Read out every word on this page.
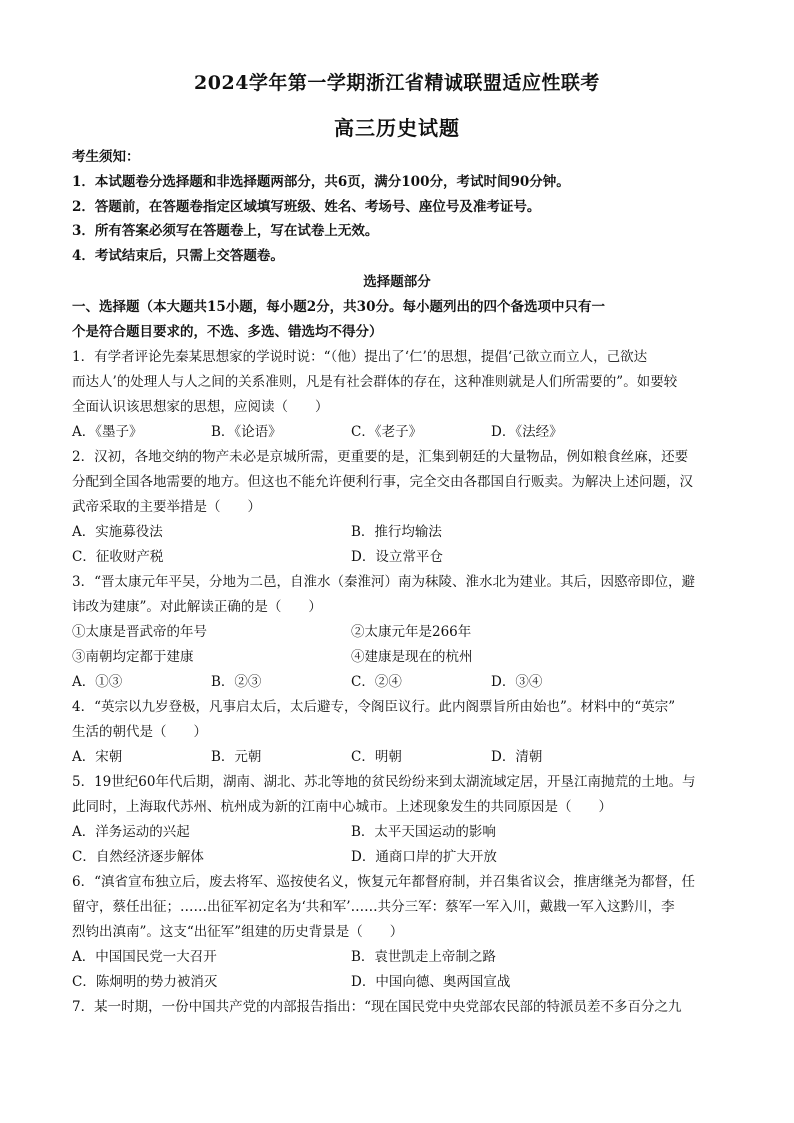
2024学年第一学期浙江省精诚联盟适应性联考
高三历史试题
考生须知：
1．本试题卷分选择题和非选择题两部分，共6页，满分100分，考试时间90分钟。
2．答题前，在答题卷指定区域填写班级、姓名、考场号、座位号及准考证号。
3．所有答案必须写在答题卷上，写在试卷上无效。
4．考试结束后，只需上交答题卷。
选择题部分
一、选择题（本大题共15小题，每小题2分，共30分。每小题列出的四个备选项中只有一
个是符合题目要求的，不选、多选、错选均不得分）
1．有学者评论先秦某思想家的学说时说：“（他）提出了‘仁’的思想，提倡‘己欲立而立人，己欲达
而达人’的处理人与人之间的关系准则，凡是有社会群体的存在，这种准则就是人们所需要的”。如要较
全面认识该思想家的思想，应阅读（　　）
A．《墨子》	B．《论语》	C．《老子》	D．《法经》
2．汉初，各地交纳的物产未必是京城所需，更重要的是，汇集到朝廷的大量物品，例如粮食丝麻，还要
分配到全国各地需要的地方。但这也不能允许便利行事，完全交由各郡国自行贩卖。为解决上述问题，汉
武帝采取的主要举措是（　　）
A．实施募役法	B．推行均输法
C．征收财产税	D．设立常平仓
3．“晋太康元年平吴，分地为二邑，自淮水（秦淮河）南为秣陵、淮水北为建业。其后，因愍帝即位，避
讳改为建康”。对此解读正确的是（　　）
①太康是晋武帝的年号	②太康元年是266年
③南朝均定都于建康	④建康是现在的杭州
A．①③	B．②③	C．②④	D．③④
4．“英宗以九岁登极，凡事启太后，太后避专，令阁臣议行。此内阁票旨所由始也”。材料中的“英宗”
生活的朝代是（　　）
A．宋朝	B．元朝	C．明朝	D．清朝
5．19世纪60年代后期，湖南、湖北、苏北等地的贫民纷纷来到太湖流域定居，开垦江南抛荒的土地。与
此同时，上海取代苏州、杭州成为新的江南中心城市。上述现象发生的共同原因是（　　）
A．洋务运动的兴起	B．太平天国运动的影响
C．自然经济逐步解体	D．通商口岸的扩大开放
6．“滇省宣布独立后，废去将军、巡按使名义，恢复元年都督府制，并召集省议会，推唐继尧为都督，任
留守，蔡任出征；……出征军初定名为‘共和军’……共分三军：蔡军一军入川，戴戡一军入这黔川，李
烈钧出滇南”。这支“出征军”组建的历史背景是（　　）
A．中国国民党一大召开	B．袁世凯走上帝制之路
C．陈炯明的势力被消灭	D．中国向德、奥两国宣战
7．某一时期，一份中国共产党的内部报告指出：“现在国民党中央党部农民部的特派员差不多百分之九
